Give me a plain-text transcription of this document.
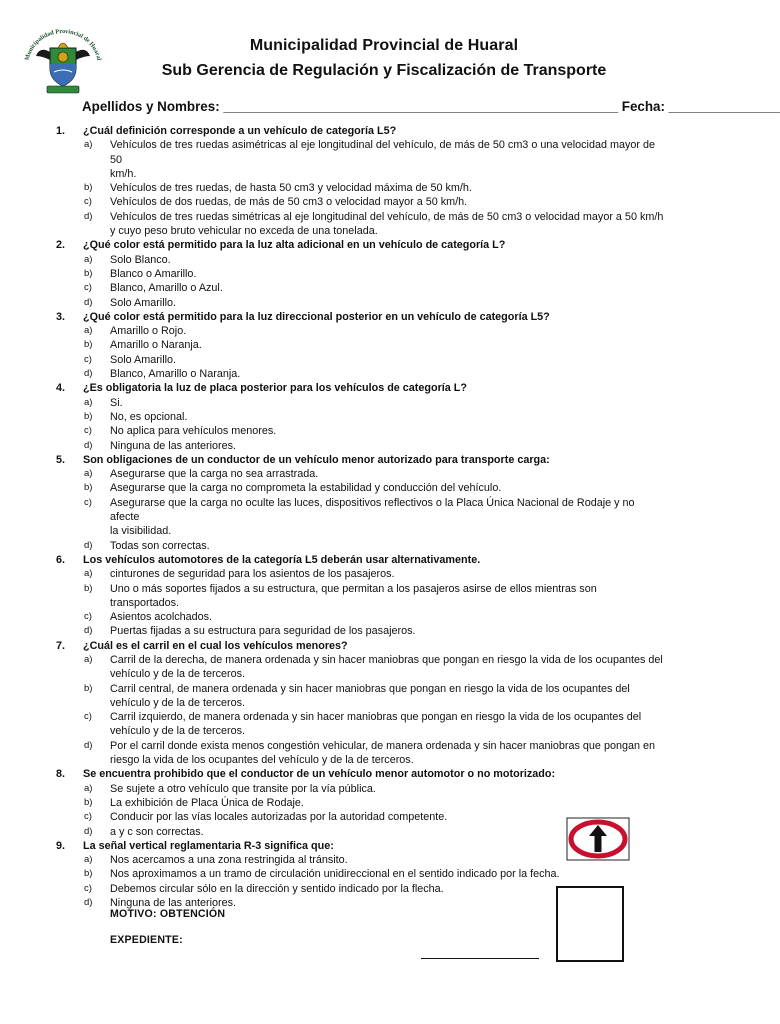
Municipalidad Provincial de Huaral
Municipalidad Provincial de Huaral
Sub Gerencia de Regulación y Fiscalización de Transporte
Apellidos y Nombres: _____________________________________________________ Fecha: _______________
1.	¿Cuál definición corresponde a un vehículo de categoría L5?
a)	Vehículos de tres ruedas asimétricas al eje longitudinal del vehículo, de más de 50 cm3 o una velocidad mayor de 50
km/h.
b)	Vehículos de tres ruedas, de hasta 50 cm3 y velocidad máxima de 50 km/h.
c)	Vehículos de dos ruedas, de más de 50 cm3 o velocidad mayor a 50 km/h.
d)	Vehículos de tres ruedas simétricas al eje longitudinal del vehículo, de más de 50 cm3 o velocidad mayor a 50 km/h
y cuyo peso bruto vehicular no exceda de una tonelada.
2.	¿Qué color está permitido para la luz alta adicional en un vehículo de categoría L?
a)	Solo Blanco.
b)	Blanco o Amarillo.
c)	Blanco, Amarillo o Azul.
d)	Solo Amarillo.
3.	¿Qué color está permitido para la luz direccional posterior en un vehículo de categoría L5?
a)	Amarillo o Rojo.
b)	Amarillo o Naranja.
c)	Solo Amarillo.
d)	Blanco, Amarillo o Naranja.
4.	¿Es obligatoria la luz de placa posterior para los vehículos de categoría L?
a)	Si.
b)	No, es opcional.
c)	No aplica para vehículos menores.
d)	Ninguna de las anteriores.
5.	Son obligaciones de un conductor de un vehículo menor autorizado para transporte carga:
a)	Asegurarse que la carga no sea arrastrada.
b)	Asegurarse que la carga no comprometa la estabilidad y conducción del vehículo.
c)	Asegurarse que la carga no oculte las luces, dispositivos reflectivos o la Placa Única Nacional de Rodaje y no afecte
la visibilidad.
d)	Todas son correctas.
6.	Los vehículos automotores de la categoría L5 deberán usar alternativamente.
a)	cinturones de seguridad para los asientos de los pasajeros.
b)	Uno o más soportes fijados a su estructura, que permitan a los pasajeros asirse de ellos mientras son transportados.
c)	Asientos acolchados.
d)	Puertas fijadas a su estructura para seguridad de los pasajeros.
7.	¿Cuál es el carril en el cual los vehículos menores?
a)	Carril de la derecha, de manera ordenada y sin hacer maniobras que pongan en riesgo la vida de los ocupantes del
vehículo y de la de terceros.
b)	Carril central, de manera ordenada y sin hacer maniobras que pongan en riesgo la vida de los ocupantes del
vehículo y de la de terceros.
c)	Carril izquierdo, de manera ordenada y sin hacer maniobras que pongan en riesgo la vida de los ocupantes del
vehículo y de la de terceros.
d)	Por el carril donde exista menos congestión vehicular, de manera ordenada y sin hacer maniobras que pongan en
riesgo la vida de los ocupantes del vehículo y de la de terceros.
8.	Se encuentra prohibido que el conductor de un vehículo menor automotor o no motorizado:
a)	Se sujete a otro vehículo que transite por la vía pública.
b)	La exhibición de Placa Única de Rodaje.
c)	Conducir por las vías locales autorizadas por la autoridad competente.
d)	a y c son correctas.
9.	La señal vertical reglamentaria R-3 significa que:
a)	Nos acercamos a una zona restringida al tránsito.
b)	Nos aproximamos a un tramo de circulación unidireccional en el sentido indicado por la fecha.
c)	Debemos circular sólo en la dirección y sentido indicado por la flecha.
d)	Ninguna de las anteriores.
MOTIVO: OBTENCIÓN
EXPEDIENTE:
